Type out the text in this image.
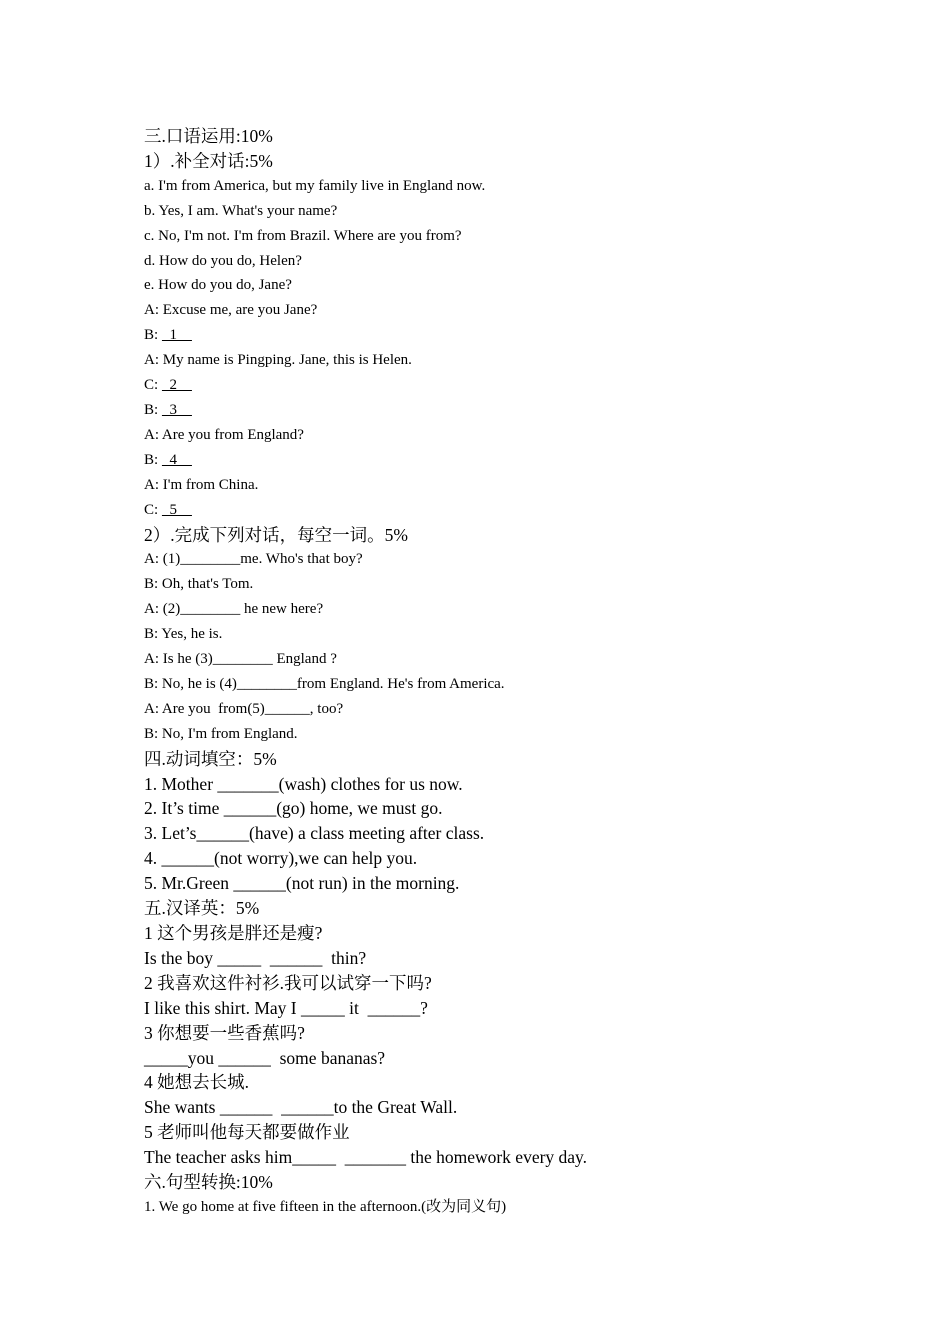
三.口语运用:10%
1）.补全对话:5%
a. I'm from America, but my family live in England now.
b. Yes, I am. What's your name?
c. No, I'm not. I'm from Brazil. Where are you from?
d. How do you do, Helen?
e. How do you do, Jane?
A: Excuse me, are you Jane?
B:   1
A: My name is Pingping. Jane, this is Helen.
C:   2
B:   3
A: Are you from England?
B:   4
A: I'm from China.
C:   5
2）.完成下列对话，每空一词。5%
A: (1)________me. Who's that boy?
B: Oh, that's Tom.
A: (2)________ he new here?
B: Yes, he is.
A: Is he (3)________ England ?
B: No, he is (4)________from England. He's from America.
A: Are you  from(5)______, too?
B: No, I'm from England.
四.动词填空：5%
1. Mother _______(wash) clothes for us now.
2. It’s time ______(go) home, we must go.
3. Let’s______(have) a class meeting after class.
4. ______(not worry),we can help you.
5. Mr.Green ______(not run) in the morning.
五.汉译英：5%
1 这个男孩是胖还是瘦?
Is the boy _____  ______  thin?
2 我喜欢这件衬衫.我可以试穿一下吗?
I like this shirt. May I _____ it  ______?
3 你想要一些香蕉吗?
_____you ______  some bananas?
4 她想去长城.
She wants ______  ______to the Great Wall.
5 老师叫他每天都要做作业
The teacher asks him_____  _______ the homework every day.
六.句型转换:10%
1. We go home at five fifteen in the afternoon.(改为同义句)
